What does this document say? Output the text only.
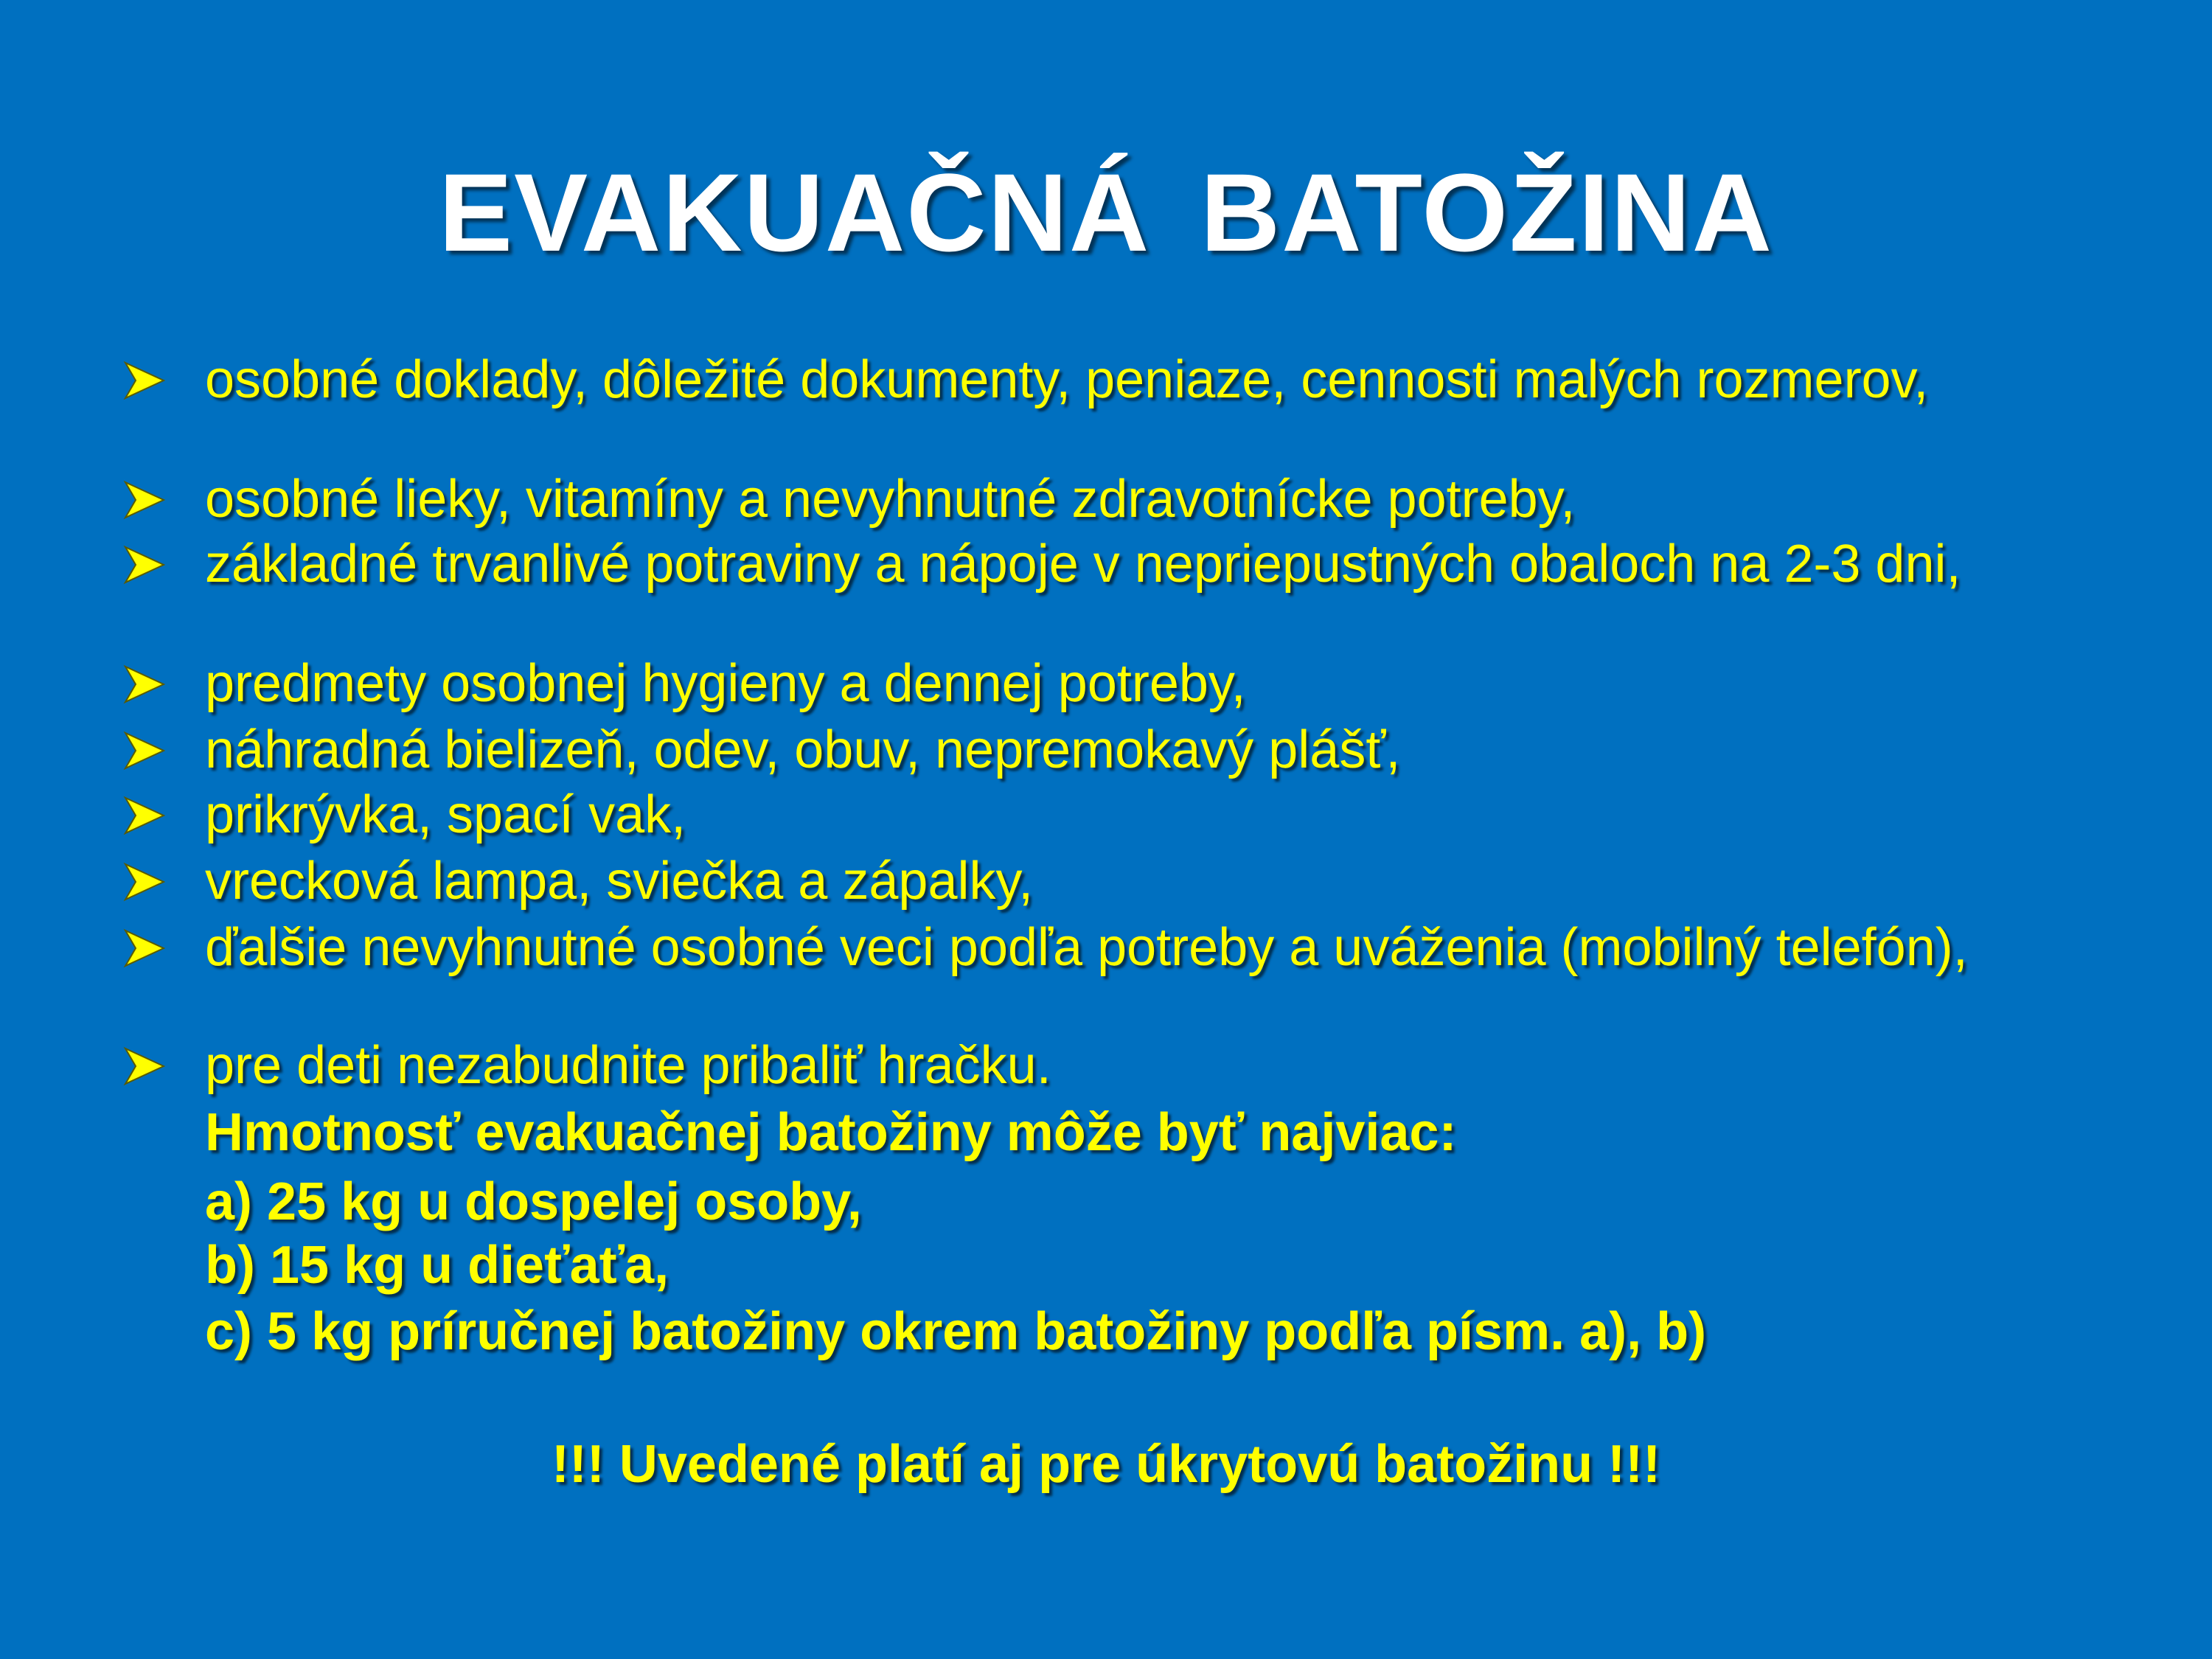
EVAKUAČNÁ BATOŽINA
osobné doklady, dôležité dokumenty, peniaze, cennosti malých rozmerov,
osobné lieky, vitamíny a nevyhnutné zdravotnícke potreby,
základné trvanlivé potraviny a nápoje v nepriepustných obaloch na 2-3 dni,
predmety osobnej hygieny a dennej potreby,
náhradná bielizeň, odev, obuv, nepremokavý plášť,
prikrývka, spací vak,
vrecková lampa, sviečka a zápalky,
ďalšie nevyhnutné osobné veci podľa potreby a uváženia (mobilný telefón),
pre deti nezabudnite pribaliť hračku.
Hmotnosť evakuačnej batožiny môže byť najviac:
a) 25 kg u dospelej osoby,
b) 15 kg u dieťaťa,
c) 5 kg príručnej batožiny okrem batožiny podľa písm. a), b)
!!! Uvedené platí aj pre úkrytovú batožinu !!!
